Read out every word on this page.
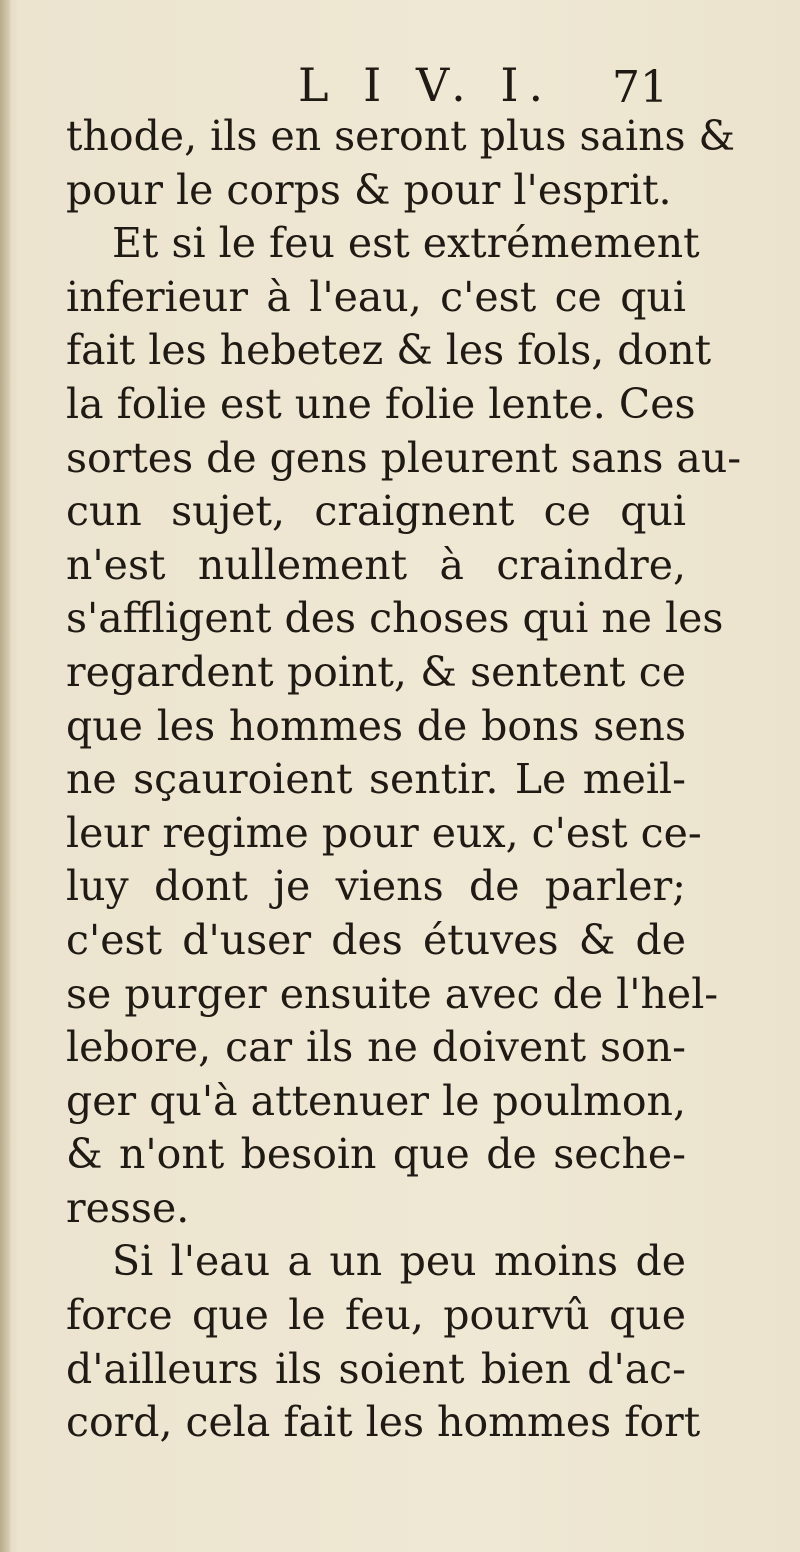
L I V. I. 71
thode, ils en seront plus sains &
pour le corps & pour l'esprit.
Et si le feu est extrémement
inferieur à l'eau, c'est ce qui
fait les hebetez & les fols, dont
la folie est une folie lente. Ces
sortes de gens pleurent sans au-
cun sujet, craignent ce qui
n'est nullement à craindre,
s'affligent des choses qui ne les
regardent point, & sentent ce
que les hommes de bons sens
ne sçauroient sentir. Le meil-
leur regime pour eux, c'est ce-
luy dont je viens de parler;
c'est d'user des étuves & de
se purger ensuite avec de l'hel-
lebore, car ils ne doivent son-
ger qu'à attenuer le poulmon,
& n'ont besoin que de seche-
resse.
Si l'eau a un peu moins de
force que le feu, pourvû que
d'ailleurs ils soient bien d'ac-
cord, cela fait les hommes fort
